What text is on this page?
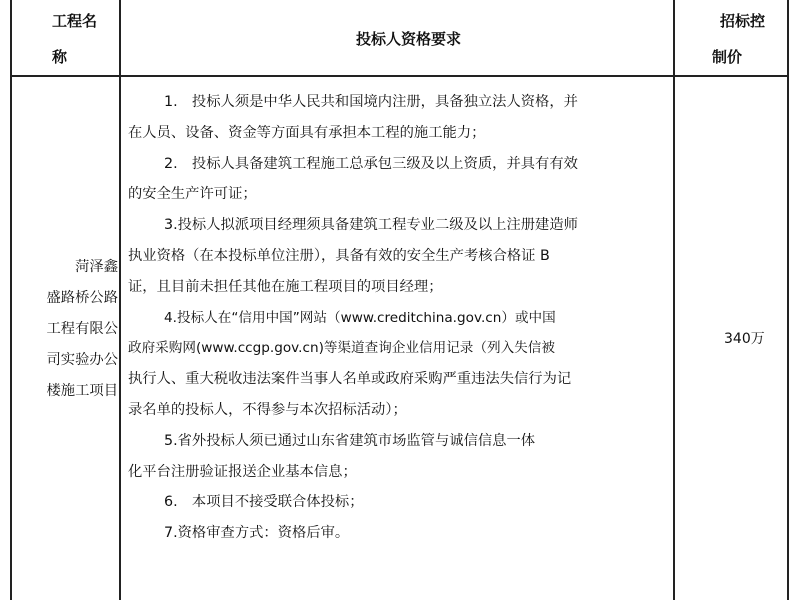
工程名
称
投标人资格要求
招标控
制价
菏泽鑫
盛路桥公路
工程有限公
司实验办公
楼施工项目
1.　投标人须是中华人民共和国境内注册，具备独立法人资格，并
在人员、设备、资金等方面具有承担本工程的施工能力；
2.　投标人具备建筑工程施工总承包三级及以上资质，并具有有效
的安全生产许可证；
3.投标人拟派项目经理须具备建筑工程专业二级及以上注册建造师
执业资格（在本投标单位注册），具备有效的安全生产考核合格证 B
证，且目前未担任其他在施工程项目的项目经理；
4.投标人在“信用中国”网站（www.creditchina.gov.cn）或中国
政府采购网(www.ccgp.gov.cn)等渠道查询企业信用记录（列入失信被
执行人、重大税收违法案件当事人名单或政府采购严重违法失信行为记
录名单的投标人，不得参与本次招标活动）；
5.省外投标人须已通过山东省建筑市场监管与诚信信息一体
化平台注册验证报送企业基本信息；
6.　本项目不接受联合体投标；
7.资格审查方式：资格后审。
340万
